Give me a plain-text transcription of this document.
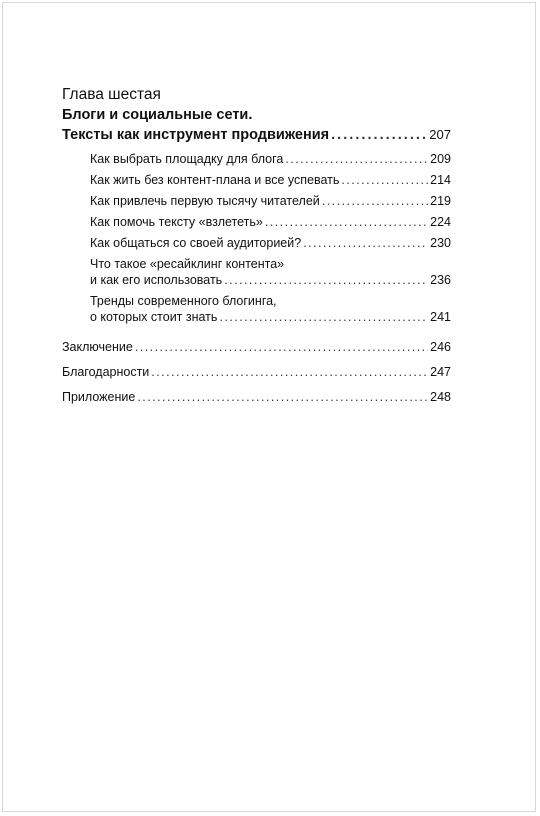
Глава шестая

Блоги и социальные сети.

Тексты как инструмент продвижения . . .	207
Как выбрать площадку для блога . . .	209
Как жить без контент-плана и все успевать . . .	214
Как привлечь первую тысячу читателей . . .	219
Как помочь тексту «взлететь» . . .	224
Как общаться со своей аудиторией? . . .	230
Что такое «ресайклинг контента»
и как его использовать . . .	236
Тренды современного блогинга,
о которых стоит знать . . .	241
Заключение . . .	246
Благодарности . . .	247
Приложение . . .	248
